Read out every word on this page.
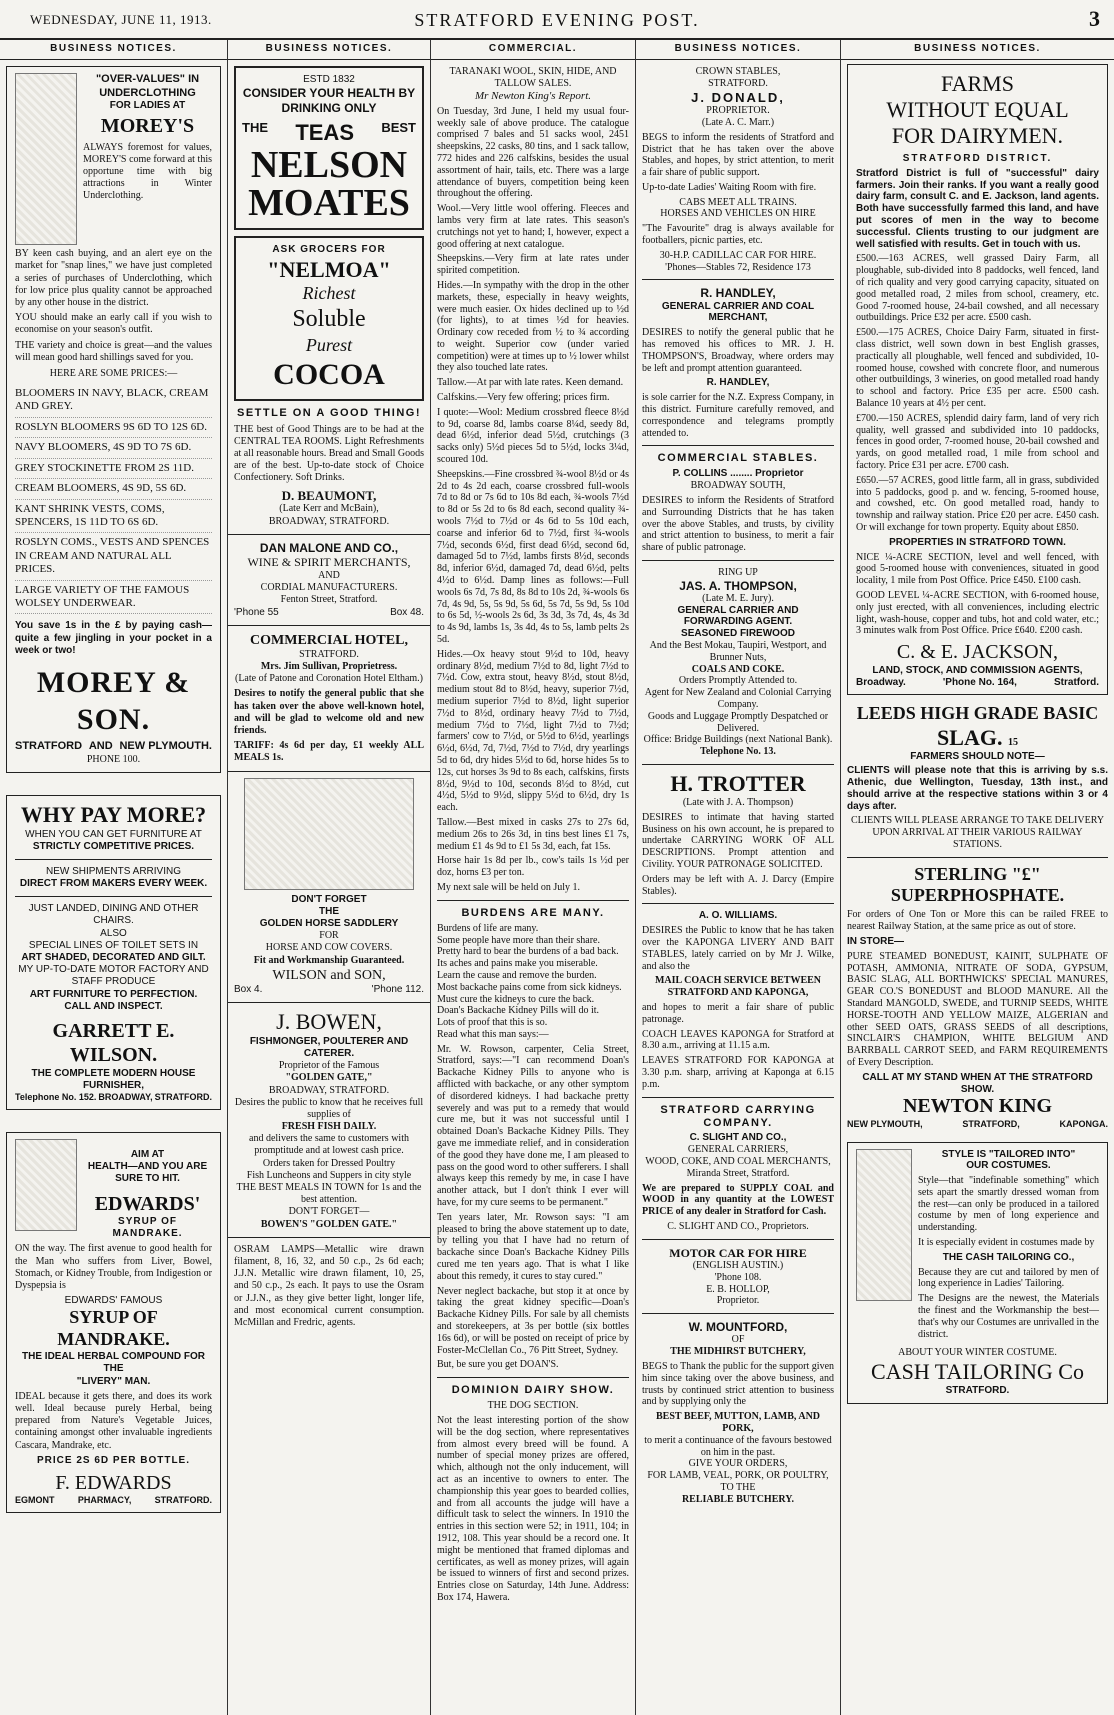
WEDNESDAY, JUNE 11, 1913.	STRATFORD EVENING POST.	3
BUSINESS NOTICES.
"OVER-VALUES" IN
UNDERCLOTHING
FOR LADIES AT
MOREY'S

ALWAYS foremost for values, MOREY'S come forward at this opportune time with big attractions in Winter Underclothing.

BY keen cash buying, and an alert eye on the market for "snap lines," we have just completed a series of purchases of Underclothing, which for low price plus quality cannot be approached by any other house in the district.

YOU should make an early call if you wish to economise on your season's outfit.

THE variety and choice is great—and the values will mean good hard shillings saved for you.

HERE ARE SOME PRICES:—
BLOOMERS IN NAVY, BLACK, CREAM AND GREY.
ROSLYN BLOOMERS 9S 6D TO 12S 6D.
NAVY BLOOMERS, 4S 9D TO 7S 6D.
GREY STOCKINETTE FROM 2S 11D.
CREAM BLOOMERS, 4S 9D, 5S 6D.
KANT SHRINK VESTS, COMS, SPENCERS, 1S 11D TO 6S 6D.
ROSLYN COMS., VESTS AND SPENCES IN CREAM AND NATURAL ALL PRICES.
LARGE VARIETY OF THE FAMOUS WOLSEY UNDERWEAR.

You save 1s in the £ by paying cash—quite a few jingling in your pocket in a week or two!

MOREY & SON.
STRATFORD AND NEW PLYMOUTH.
PHONE 100.
WHY PAY MORE?
WHEN YOU CAN GET FURNITURE AT
STRICTLY COMPETITIVE PRICES.
NEW SHIPMENTS ARRIVING
DIRECT FROM MAKERS EVERY WEEK.
JUST LANDED, DINING AND OTHER CHAIRS.
ALSO
SPECIAL LINES OF TOILET SETS IN
ART SHADED, DECORATED AND GILT.
MY UP-TO-DATE MOTOR FACTORY AND STAFF PRODUCE
ART FURNITURE TO PERFECTION.
CALL AND INSPECT.
GARRETT E. WILSON.
THE COMPLETE MODERN HOUSE FURNISHER,
Telephone No. 152. BROADWAY, STRATFORD.
AIM AT
HEALTH—AND YOU ARE SURE TO HIT.
EDWARDS'
SYRUP OF MANDRAKE.

ON the way. The first avenue to good health for the Man who suffers from Liver, Bowel, Stomach, or Kidney Trouble, from Indigestion or Dyspepsia is

EDWARDS' FAMOUS
SYRUP OF MANDRAKE.
THE IDEAL HERBAL COMPOUND FOR THE
"LIVERY" MAN.

IDEAL because it gets there, and does its work well. Ideal because purely Herbal, being prepared from Nature's Vegetable Juices, containing amongst other invaluable ingredients Cascara, Mandrake, etc.

PRICE 2S 6D PER BOTTLE.
F. EDWARDS
EGMONT	PHARMACY,	STRATFORD.
BUSINESS NOTICES.
ESTD 1832
CONSIDER YOUR HEALTH BY DRINKING ONLY
THE TEAS BEST
NELSON
MOATES
ASK GROCERS FOR
"NELMOA"
Richest
Soluble
Purest
COCOA
SETTLE ON A GOOD THING!

THE best of Good Things are to be had at the CENTRAL TEA ROOMS. Light Refreshments at all reasonable hours. Bread and Small Goods are of the best. Up-to-date stock of Choice Confectionery. Soft Drinks.

D. BEAUMONT,
(Late Kerr and McBain),
BROADWAY, STRATFORD.
DAN MALONE AND CO.,
WINE & SPIRIT MERCHANTS,
AND
CORDIAL MANUFACTURERS.
Fenton Street, Stratford.
'Phone 55	Box 48.
COMMERCIAL HOTEL,
STRATFORD.
Mrs. Jim Sullivan, Proprietress.
(Late of Patone and Coronation Hotel Eltham.)

Desires to notify the general public that she has taken over the above well-known hotel, and will be glad to welcome old and new friends.

TARIFF: 4s 6d per day, £1 weekly ALL MEALS 1s.

DON'T FORGET
THE
GOLDEN HORSE SADDLERY
FOR
HORSE AND COW COVERS.
Fit and Workmanship Guaranteed.
WILSON and SON,
Box 4.	'Phone 112.
J. BOWEN,
FISHMONGER, POULTERER AND CATERER.
Proprietor of the Famous
"GOLDEN GATE,"
BROADWAY, STRATFORD.
Desires the public to know that he receives full supplies of
FRESH FISH DAILY.
and delivers the same to customers with promptitude and at lowest cash price.
Orders taken for Dressed Poultry
Fish Luncheons and Suppers in city style
THE BEST MEALS IN TOWN for 1s and the best attention.
DON'T FORGET—
BOWEN'S "GOLDEN GATE."

OSRAM LAMPS—Metallic wire drawn filament, 8, 16, 32, and 50 c.p., 2s 6d each; J.J.N. Metallic wire drawn filament, 10, 25, and 50 c.p., 2s each. It pays to use the Osram or J.J.N., as they give better light, longer life, and most economical current consumption. McMillan and Fredric, agents.

COMMERCIAL.
TARANAKI WOOL, SKIN, HIDE, AND TALLOW SALES.
Mr Newton King's Report.

On Tuesday, 3rd June, I held my usual four-weekly sale of above produce. The catalogue comprised 7 bales and 51 sacks wool, 2451 sheepskins, 22 casks, 80 tins, and 1 sack tallow, 772 hides and 226 calfskins, besides the usual assortment of hair, tails, etc. There was a large attendance of buyers, competition being keen throughout the offering.

Wool.—Very little wool offering. Fleeces and lambs very firm at late rates. This season's crutchings not yet to hand; I, however, expect a good offering at next catalogue.

Sheepskins.—Very firm at late rates under spirited competition.

Hides.—In sympathy with the drop in the other markets, these, especially in heavy weights, were much easier. Ox hides declined up to ½d (for lights), to at times ½d for heavies. Ordinary cow receded from ½ to ¾ according to weight. Superior cow (under varied competition) were at times up to ½ lower whilst they also touched late rates.

Tallow.—At par with late rates. Keen demand.

Calfskins.—Very few offering; prices firm.

I quote:—Wool: Medium crossbred fleece 8½d to 9d, coarse 8d, lambs coarse 8¼d, seedy 8d, dead 6½d, inferior dead 5½d, crutchings (3 sacks only) 5½d pieces 5d to 5½d, locks 3¼d, scoured 10d.

Sheepskins.—Fine crossbred ¾-wool 8½d or 4s 2d to 4s 2d each, coarse crossbred full-wools 7d to 8d or 7s 6d to 10s 8d each, ¾-wools 7½d to 8d or 5s 2d to 6s 8d each, second quality ¾-wools 7½d to 7½d or 4s 6d to 5s 10d each, coarse and inferior 6d to 7½d, first ¾-wools 7½d, seconds 6½d, first dead 6½d, second 6d, damaged 5d to 7½d, lambs firsts 8½d, seconds 8d, inferior 6½d, damaged 7d, dead 6½d, pelts 4½d to 6½d. Damp lines as follows:—Full wools 6s 7d, 7s 8d, 8s 8d to 10s 2d, ¾-wools 6s 7d, 4s 9d, 5s, 5s 9d, 5s 6d, 5s 7d, 5s 9d, 5s 10d to 6s 5d, ½-wools 2s 6d, 3s 3d, 3s 7d, 4s, 4s 3d to 4s 9d, lambs 1s, 3s 4d, 4s to 5s, lamb pelts 2s 5d.

Hides.—Ox heavy stout 9½d to 10d, heavy ordinary 8½d, medium 7½d to 8d, light 7½d to 7½d. Cow, extra stout, heavy 8½d, stout 8½d, medium stout 8d to 8½d, heavy, superior 7½d, medium superior 7½d to 8½d, light superior 7½d to 8½d, ordinary heavy 7½d to 7½d, medium 7½d to 7½d, light 7½d to 7½d; farmers' cow to 7½d, or 5½d to 6½d, yearlings 6½d, 6½d, 7d, 7½d, 7½d to 7½d, dry yearlings 5d to 6d, dry hides 5½d to 6d, horse hides 5s to 12s, cut horses 3s 9d to 8s each, calfskins, firsts 8½d, 9½d to 10d, seconds 8½d to 8½d, cut 4½d, 5½d to 9½d, slippy 5½d to 6½d, dry 1s each.

Tallow.—Best mixed in casks 27s to 27s 6d, medium 26s to 26s 3d, in tins best lines £1 7s, medium £1 4s 9d to £1 5s 3d, each, fat 15s.

Horse hair 1s 8d per lb., cow's tails 1s ½d per doz, horns £3 per ton.

My next sale will be held on July 1.

BURDENS ARE MANY.
Burdens of life are many.
Some people have more than their share.
Pretty hard to bear the burdens of a bad back.
Its aches and pains make you miserable.
Learn the cause and remove the burden.
Most backache pains come from sick kidneys.
Must cure the kidneys to cure the back.
Doan's Backache Kidney Pills will do it.
Lots of proof that this is so.
Read what this man says:—

Mr. W. Rowson, carpenter, Celia Street, Stratford, says:—"I can recommend Doan's Backache Kidney Pills to anyone who is afflicted with backache, or any other symptom of disordered kidneys. I had backache pretty severely and was put to a remedy that would cure me, but it was not successful until I obtained Doan's Backache Kidney Pills. They gave me immediate relief, and in consideration of the good they have done me, I am pleased to pass on the good word to other sufferers. I shall always keep this remedy by me, in case I have another attack, but I don't think I ever will have, for my cure seems to be permanent."

Ten years later, Mr. Rowson says: "I am pleased to bring the above statement up to date, by telling you that I have had no return of backache since Doan's Backache Kidney Pills cured me ten years ago. That is what I like about this remedy, it cures to stay cured."

Never neglect backache, but stop it at once by taking the great kidney specific—Doan's Backache Kidney Pills. For sale by all chemists and storekeepers, at 3s per bottle (six bottles 16s 6d), or will be posted on receipt of price by Foster-McClellan Co., 76 Pitt Street, Sydney.

But, be sure you get DOAN'S.

DOMINION DAIRY SHOW.
THE DOG SECTION.

Not the least interesting portion of the show will be the dog section, where representatives from almost every breed will be found. A number of special money prizes are offered, which, although not the only inducement, will act as an incentive to owners to enter. The championship this year goes to bearded collies, and from all accounts the judge will have a difficult task to select the winners. In 1910 the entries in this section were 52; in 1911, 104; in 1912, 108. This year should be a record one. It might be mentioned that framed diplomas and certificates, as well as money prizes, will again be issued to winners of first and second prizes. Entries close on Saturday, 14th June. Address: Box 174, Hawera.

BUSINESS NOTICES.
CROWN STABLES,
STRATFORD.
J. DONALD,
PROPRIETOR.
(Late A. C. Marr.)

BEGS to inform the residents of Stratford and District that he has taken over the above Stables, and hopes, by strict attention, to merit a fair share of public support.

Up-to-date Ladies' Waiting Room with fire.

CABS MEET ALL TRAINS.
HORSES AND VEHICLES ON HIRE

"The Favourite" drag is always available for footballers, picnic parties, etc.

30-H.P. CADILLAC CAR FOR HIRE.
'Phones—Stables 72, Residence 173
R. HANDLEY,
GENERAL CARRIER AND COAL MERCHANT,

DESIRES to notify the general public that he has removed his offices to MR. J. H. THOMPSON'S, Broadway, where orders may be left and prompt attention guaranteed.

R. HANDLEY,

is sole carrier for the N.Z. Express Company, in this district. Furniture carefully removed, and correspondence and telegrams promptly attended to.

COMMERCIAL STABLES.
P. COLLINS ........ Proprietor
BROADWAY SOUTH,

DESIRES to inform the Residents of Stratford and Surrounding Districts that he has taken over the above Stables, and trusts, by civility and strict attention to business, to merit a fair share of public patronage.

RING UP
JAS. A. THOMPSON,
(Late M. E. Jury).
GENERAL CARRIER AND FORWARDING AGENT.
SEASONED FIREWOOD
And the Best Mokau, Taupiri, Westport, and Brunner Nuts,
COALS AND COKE.
Orders Promptly Attended to.
Agent for New Zealand and Colonial Carrying Company.
Goods and Luggage Promptly Despatched or Delivered.
Office: Bridge Buildings (next National Bank).
Telephone No. 13.
H. TROTTER
(Late with J. A. Thompson)

DESIRES to intimate that having started Business on his own account, he is prepared to undertake CARRYING WORK OF ALL DESCRIPTIONS. Prompt attention and Civility. YOUR PATRONAGE SOLICITED.

Orders may be left with A. J. Darcy (Empire Stables).

A. O. WILLIAMS.

DESIRES the Public to know that he has taken over the KAPONGA LIVERY AND BAIT STABLES, lately carried on by Mr J. Wilke, and also the

MAIL COACH SERVICE BETWEEN STRATFORD AND KAPONGA,

and hopes to merit a fair share of public patronage.

COACH LEAVES KAPONGA for Stratford at 8.30 a.m., arriving at 11.15 a.m.

LEAVES STRATFORD FOR KAPONGA at 3.30 p.m. sharp, arriving at Kaponga at 6.15 p.m.

STRATFORD CARRYING COMPANY.
C. SLIGHT AND CO.,
GENERAL CARRIERS,
WOOD, COKE, AND COAL MERCHANTS,
Miranda Street, Stratford.

We are prepared to SUPPLY COAL and WOOD in any quantity at the LOWEST PRICE of any dealer in Stratford for Cash.

C. SLIGHT AND CO., Proprietors.
MOTOR CAR FOR HIRE
(ENGLISH AUSTIN.)
'Phone 108.
E. B. HOLLOP,
Proprietor.
W. MOUNTFORD,
OF
THE MIDHIRST BUTCHERY,

BEGS to Thank the public for the support given him since taking over the above business, and trusts by continued strict attention to business and by supplying only the

BEST BEEF, MUTTON, LAMB, AND PORK,
to merit a continuance of the favours bestowed on him in the past.
GIVE YOUR ORDERS,
FOR LAMB, VEAL, PORK, OR POULTRY, TO THE
RELIABLE BUTCHERY.
BUSINESS NOTICES.
FARMS
WITHOUT EQUAL
FOR DAIRYMEN.
STRATFORD DISTRICT.

Stratford District is full of "successful" dairy farmers. Join their ranks. If you want a really good dairy farm, consult C. and E. Jackson, land agents. Both have successfully farmed this land, and have put scores of men in the way to become successful. Clients trusting to our judgment are well satisfied with results. Get in touch with us.

£500.—163 ACRES, well grassed Dairy Farm, all ploughable, sub-divided into 8 paddocks, well fenced, land of rich quality and very good carrying capacity, situated on good metalled road, 2 miles from school, creamery, etc. Good 7-roomed house, 24-bail cowshed, and all necessary outbuildings. Price £32 per acre. £500 cash.

£500.—175 ACRES, Choice Dairy Farm, situated in first-class district, well sown down in best English grasses, practically all ploughable, well fenced and subdivided, 10-roomed house, cowshed with concrete floor, and numerous other outbuildings, 3 wineries, on good metalled road handy to school and factory. Price £35 per acre. £500 cash. Balance 10 years at 4½ per cent.

£700.—150 ACRES, splendid dairy farm, land of very rich quality, well grassed and subdivided into 10 paddocks, fences in good order, 7-roomed house, 20-bail cowshed and yards, on good metalled road, 1 mile from school and factory. Price £31 per acre. £700 cash.

£650.—57 ACRES, good little farm, all in grass, subdivided into 5 paddocks, good p. and w. fencing, 5-roomed house, and cowshed, etc. On good metalled road, handy to township and railway station. Price £20 per acre. £450 cash. Or will exchange for town property. Equity about £850.

PROPERTIES IN STRATFORD TOWN.

NICE ¼-ACRE SECTION, level and well fenced, with good 5-roomed house with conveniences, situated in good locality, 1 mile from Post Office. Price £450. £100 cash.

GOOD LEVEL ¼-ACRE SECTION, with 6-roomed house, only just erected, with all conveniences, including electric light, wash-house, copper and tubs, hot and cold water, etc.; 3 minutes walk from Post Office. Price £640. £200 cash.

C. & E. JACKSON,
LAND, STOCK, AND COMMISSION AGENTS,
Broadway.	'Phone No. 164,	Stratford.
LEEDS HIGH GRADE BASIC
SLAG. 15
FARMERS SHOULD NOTE—

CLIENTS will please note that this is arriving by s.s. Athenic, due Wellington, Tuesday, 13th inst., and should arrive at the respective stations within 3 or 4 days after.

CLIENTS WILL PLEASE ARRANGE TO TAKE DELIVERY UPON ARRIVAL AT THEIR VARIOUS RAILWAY STATIONS.

STERLING "£"
SUPERPHOSPHATE.

For orders of One Ton or More this can be railed FREE to nearest Railway Station, at the same price as out of store.

IN STORE—

PURE STEAMED BONEDUST, KAINIT, SULPHATE OF POTASH, AMMONIA, NITRATE OF SODA, GYPSUM, BASIC SLAG, ALL BORTHWICKS' SPECIAL MANURES, GEAR CO.'S BONEDUST and BLOOD MANURE. All the Standard MANGOLD, SWEDE, and TURNIP SEEDS, WHITE HORSE-TOOTH AND YELLOW MAIZE, ALGERIAN and other SEED OATS, GRASS SEEDS of all descriptions, SINCLAIR'S CHAMPION, WHITE BELGIUM AND BARRBALL CARROT SEED, and FARM REQUIREMENTS of Every Description.

CALL AT MY STAND WHEN AT THE STRATFORD SHOW.
NEWTON KING
NEW PLYMOUTH,	STRATFORD,	KAPONGA.
STYLE IS "TAILORED INTO"
OUR COSTUMES.

Style—that "indefinable something" which sets apart the smartly dressed woman from the rest—can only be produced in a tailored costume by men of long experience and understanding.

It is especially evident in costumes made by

THE CASH TAILORING CO.,

Because they are cut and tailored by men of long experience in Ladies' Tailoring.

The Designs are the newest, the Materials the finest and the Workmanship the best—that's why our Costumes are unrivalled in the district.

ABOUT YOUR WINTER COSTUME.
CASH TAILORING Co
STRATFORD.
